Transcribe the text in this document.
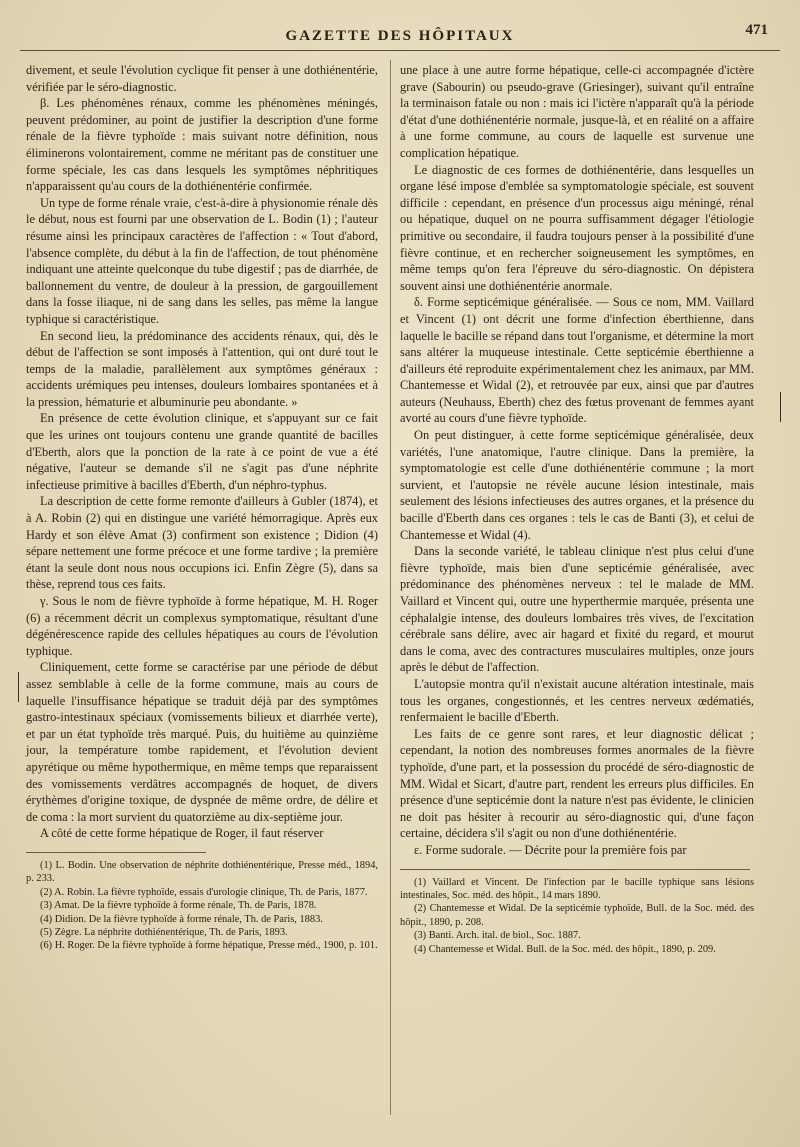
GAZETTE DES HÔPITAUX	471

divement, et seule l'évolution cyclique fit penser à une dothiénentérie, vérifiée par le séro-diagnostic.

β. Les phénomènes rénaux, comme les phénomènes méningés, peuvent prédominer, au point de justifier la description d'une forme rénale de la fièvre typhoïde : mais suivant notre définition, nous éliminerons volontairement, comme ne méritant pas de constituer une forme spéciale, les cas dans lesquels les symptômes néphritiques n'apparaissent qu'au cours de la dothiénentérie confirmée.

Un type de forme rénale vraie, c'est-à-dire à physionomie rénale dès le début, nous est fourni par une observation de L. Bodin (1) ; l'auteur résume ainsi les principaux caractères de l'affection : « Tout d'abord, l'absence complète, du début à la fin de l'affection, de tout phénomène indiquant une atteinte quelconque du tube digestif ; pas de diarrhée, de ballonnement du ventre, de douleur à la pression, de gargouillement dans la fosse iliaque, ni de sang dans les selles, pas même la langue typhique si caractéristique.

En second lieu, la prédominance des accidents rénaux, qui, dès le début de l'affection se sont imposés à l'attention, qui ont duré tout le temps de la maladie, parallèlement aux symptômes généraux : accidents urémiques peu intenses, douleurs lombaires spontanées et à la pression, hématurie et albuminurie peu abondante. »

En présence de cette évolution clinique, et s'appuyant sur ce fait que les urines ont toujours contenu une grande quantité de bacilles d'Eberth, alors que la ponction de la rate à ce point de vue a été négative, l'auteur se demande s'il ne s'agit pas d'une néphrite infectieuse primitive à bacilles d'Eberth, d'un néphro-typhus.

La description de cette forme remonte d'ailleurs à Gubler (1874), et à A. Robin (2) qui en distingue une variété hémorragique. Après eux Hardy et son élève Amat (3) confirment son existence ; Didion (4) sépare nettement une forme précoce et une forme tardive ; la première étant la seule dont nous nous occupions ici. Enfin Zègre (5), dans sa thèse, reprend tous ces faits.

γ. Sous le nom de fièvre typhoïde à forme hépatique, M. H. Roger (6) a récemment décrit un complexus symptomatique, résultant d'une dégénérescence rapide des cellules hépatiques au cours de l'évolution typhique.

Cliniquement, cette forme se caractérise par une période de début assez semblable à celle de la forme commune, mais au cours de laquelle l'insuffisance hépatique se traduit déjà par des symptômes gastro-intestinaux spéciaux (vomissements bilieux et diarrhée verte), et par un état typhoïde très marqué. Puis, du huitième au quinzième jour, la température tombe rapidement, et l'évolution devient apyrétique ou même hypothermique, en même temps que reparaissent des vomissements verdâtres accompagnés de hoquet, de divers érythèmes d'origine toxique, de dyspnée de même ordre, de délire et de coma : la mort survient du quatorzième au dix-septième jour.

A côté de cette forme hépatique de Roger, il faut réserver

(1) L. Bodin. Une observation de néphrite dothiénentérique, Presse méd., 1894, p. 233.

(2) A. Robin. La fièvre typhoïde, essais d'urologie clinique, Th. de Paris, 1877.

(3) Amat. De la fièvre typhoïde à forme rénale, Th. de Paris, 1878.

(4) Didion. De la fièvre typhoïde à forme rénale, Th. de Paris, 1883.

(5) Zègre. La néphrite dothiénentérique, Th. de Paris, 1893.

(6) H. Roger. De la fièvre typhoïde à forme hépatique, Presse méd., 1900, p. 101.

une place à une autre forme hépatique, celle-ci accompagnée d'ictère grave (Sabourin) ou pseudo-grave (Griesinger), suivant qu'il entraîne la terminaison fatale ou non : mais ici l'ictère n'apparaît qu'à la période d'état d'une dothiénentérie normale, jusque-là, et en réalité on a affaire à une forme commune, au cours de laquelle est survenue une complication hépatique.

Le diagnostic de ces formes de dothiénentérie, dans lesquelles un organe lésé impose d'emblée sa symptomatologie spéciale, est souvent difficile : cependant, en présence d'un processus aigu méningé, rénal ou hépatique, duquel on ne pourra suffisamment dégager l'étiologie primitive ou secondaire, il faudra toujours penser à la possibilité d'une fièvre continue, et en rechercher soigneusement les symptômes, en même temps qu'on fera l'épreuve du séro-diagnostic. On dépistera souvent ainsi une dothiénentérie anormale.

δ. Forme septicémique généralisée. — Sous ce nom, MM. Vaillard et Vincent (1) ont décrit une forme d'infection éberthienne, dans laquelle le bacille se répand dans tout l'organisme, et détermine la mort sans altérer la muqueuse intestinale. Cette septicémie éberthienne a d'ailleurs été reproduite expérimentalement chez les animaux, par MM. Chantemesse et Widal (2), et retrouvée par eux, ainsi que par d'autres auteurs (Neuhauss, Eberth) chez des fœtus provenant de femmes ayant avorté au cours d'une fièvre typhoïde.

On peut distinguer, à cette forme septicémique généralisée, deux variétés, l'une anatomique, l'autre clinique. Dans la première, la symptomatologie est celle d'une dothiénentérie commune ; la mort survient, et l'autopsie ne révèle aucune lésion intestinale, mais seulement des lésions infectieuses des autres organes, et la présence du bacille d'Eberth dans ces organes : tels le cas de Banti (3), et celui de Chantemesse et Widal (4).

Dans la seconde variété, le tableau clinique n'est plus celui d'une fièvre typhoïde, mais bien d'une septicémie généralisée, avec prédominance des phénomènes nerveux : tel le malade de MM. Vaillard et Vincent qui, outre une hyperthermie marquée, présenta une céphalalgie intense, des douleurs lombaires très vives, de l'excitation cérébrale sans délire, avec air hagard et fixité du regard, et mourut dans le coma, avec des contractures musculaires multiples, onze jours après le début de l'affection.

L'autopsie montra qu'il n'existait aucune altération intestinale, mais tous les organes, congestionnés, et les centres nerveux œdématiés, renfermaient le bacille d'Eberth.

Les faits de ce genre sont rares, et leur diagnostic délicat ; cependant, la notion des nombreuses formes anormales de la fièvre typhoïde, d'une part, et la possession du procédé de séro-diagnostic de MM. Widal et Sicart, d'autre part, rendent les erreurs plus difficiles. En présence d'une septicémie dont la nature n'est pas évidente, le clinicien ne doit pas hésiter à recourir au séro-diagnostic qui, d'une façon certaine, décidera s'il s'agit ou non d'une dothiénentérie.

ε. Forme sudorale. — Décrite pour la première fois par

(1) Vaillard et Vincent. De l'infection par le bacille typhique sans lésions intestinales, Soc. méd. des hôpit., 14 mars 1890.

(2) Chantemesse et Widal. De la septicémie typhoïde, Bull. de la Soc. méd. des hôpit., 1890, p. 208.

(3) Banti. Arch. ital. de biol., Soc. 1887.

(4) Chantemesse et Widal. Bull. de la Soc. méd. des hôpit., 1890, p. 209.
